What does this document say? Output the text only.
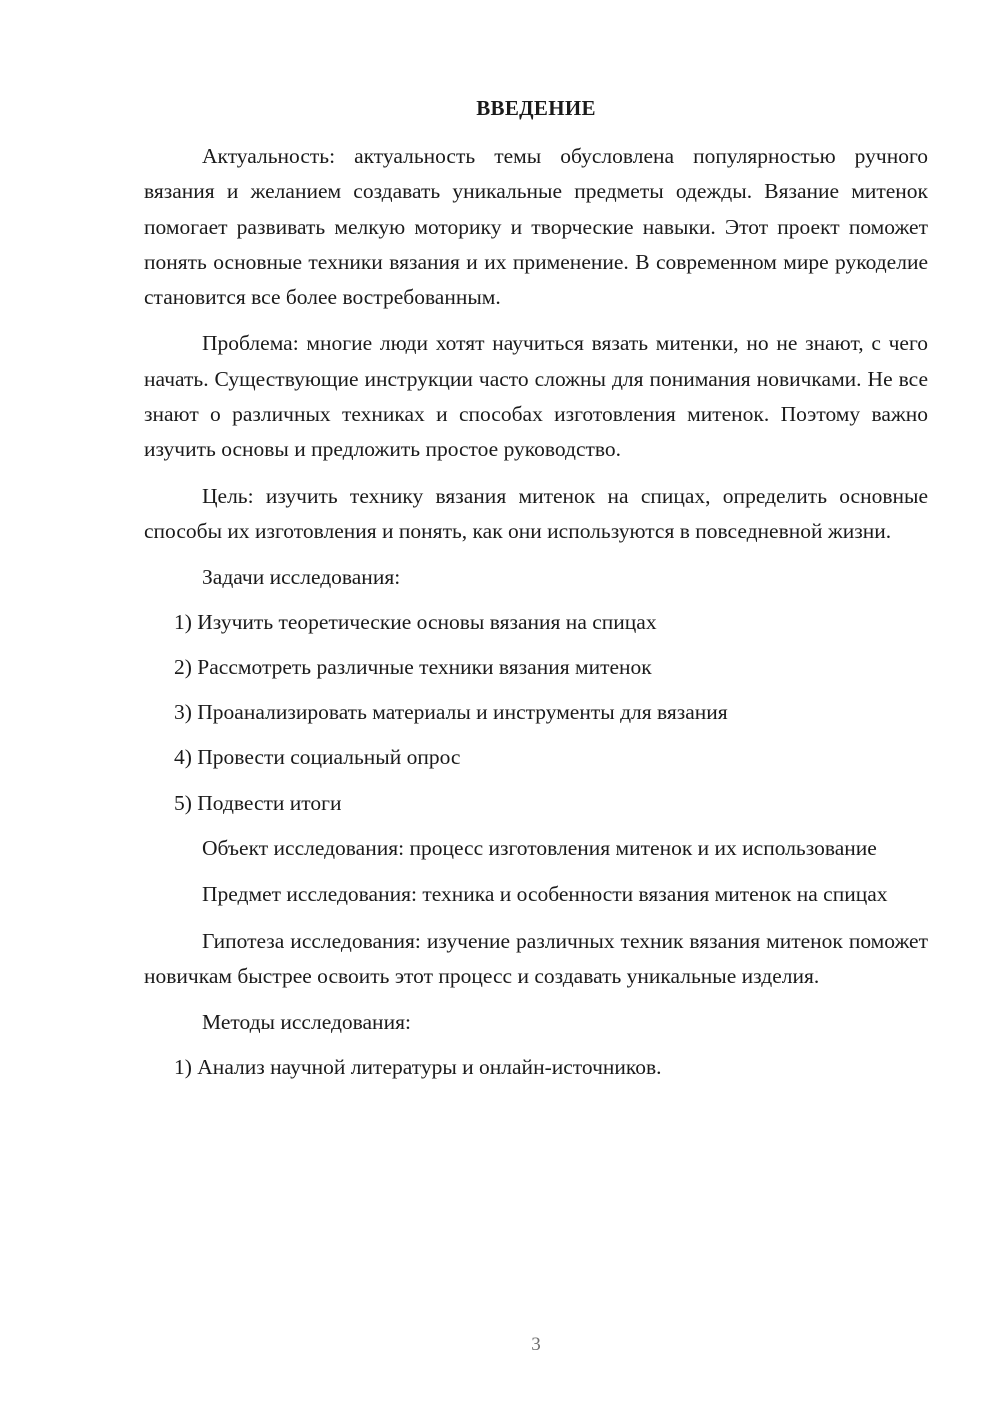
ВВЕДЕНИЕ

Актуальность: актуальность темы обусловлена популярностью ручного вязания и желанием создавать уникальные предметы одежды. Вязание митенок помогает развивать мелкую моторику и творческие навыки. Этот проект поможет понять основные техники вязания и их применение. В современном мире рукоделие становится все более востребованным.

Проблема: многие люди хотят научиться вязать митенки, но не знают, с чего начать. Существующие инструкции часто сложны для понимания новичками. Не все знают о различных техниках и способах изготовления митенок. Поэтому важно изучить основы и предложить простое руководство.

Цель: изучить технику вязания митенок на спицах, определить основные способы их изготовления и понять, как они используются в повседневной жизни.

Задачи исследования:
1) Изучить теоретические основы вязания на спицах
2) Рассмотреть различные техники вязания митенок
3) Проанализировать материалы и инструменты для вязания
4) Провести социальный опрос
5) Подвести итоги

Объект исследования: процесс изготовления митенок и их использование

Предмет исследования: техника и особенности вязания митенок на спицах

Гипотеза исследования: изучение различных техник вязания митенок поможет новичкам быстрее освоить этот процесс и создавать уникальные изделия.

Методы исследования:
1) Анализ научной литературы и онлайн-источников.
3
